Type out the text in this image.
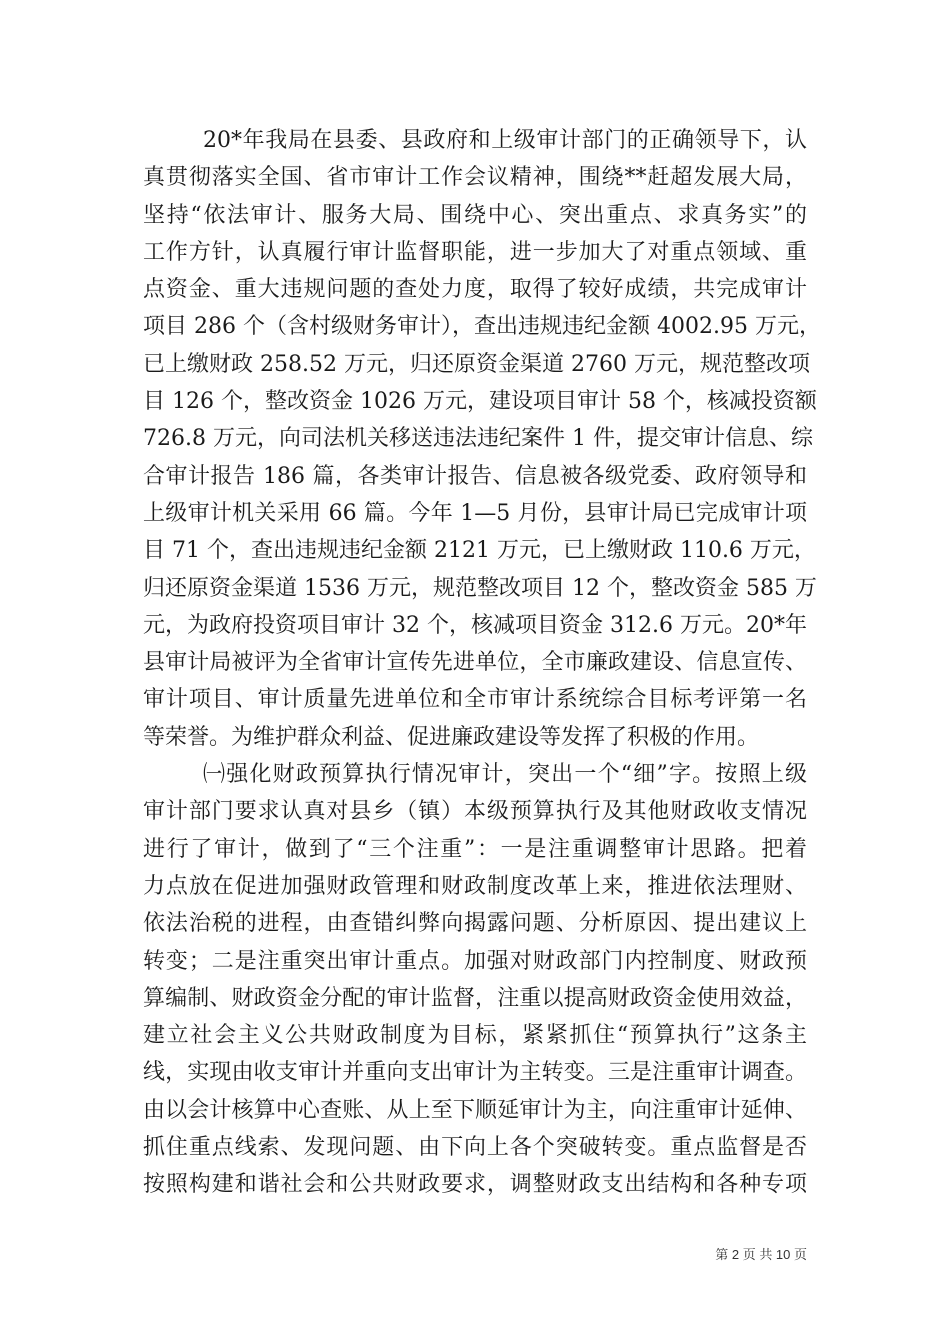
20*年我局在县委、县政府和上级审计部门的正确领导下，认
真贯彻落实全国、省市审计工作会议精神，围绕**赶超发展大局，
坚持“依法审计、服务大局、围绕中心、突出重点、求真务实”的
工作方针，认真履行审计监督职能，进一步加大了对重点领域、重
点资金、重大违规问题的查处力度，取得了较好成绩，共完成审计
项目 286 个（含村级财务审计），查出违规违纪金额 4002.95 万元，
已上缴财政 258.52 万元，归还原资金渠道 2760 万元，规范整改项
目 126 个，整改资金 1026 万元，建设项目审计 58 个，核减投资额
726.8 万元，向司法机关移送违法违纪案件 1 件，提交审计信息、综
合审计报告 186 篇，各类审计报告、信息被各级党委、政府领导和
上级审计机关采用 66 篇。今年 1—5 月份，县审计局已完成审计项
目 71 个，查出违规违纪金额 2121 万元，已上缴财政 110.6 万元，
归还原资金渠道 1536 万元，规范整改项目 12 个，整改资金 585 万
元，为政府投资项目审计 32 个，核减项目资金 312.6 万元。20*年
县审计局被评为全省审计宣传先进单位，全市廉政建设、信息宣传、
审计项目、审计质量先进单位和全市审计系统综合目标考评第一名
等荣誉。为维护群众利益、促进廉政建设等发挥了积极的作用。
㈠强化财政预算执行情况审计，突出一个“细”字。按照上级
审计部门要求认真对县乡（镇）本级预算执行及其他财政收支情况
进行了审计，做到了“三个注重”：一是注重调整审计思路。把着
力点放在促进加强财政管理和财政制度改革上来，推进依法理财、
依法治税的进程，由查错纠弊向揭露问题、分析原因、提出建议上
转变；二是注重突出审计重点。加强对财政部门内控制度、财政预
算编制、财政资金分配的审计监督，注重以提高财政资金使用效益，
建立社会主义公共财政制度为目标，紧紧抓住“预算执行”这条主
线，实现由收支审计并重向支出审计为主转变。三是注重审计调查。
由以会计核算中心查账、从上至下顺延审计为主，向注重审计延伸、
抓住重点线索、发现问题、由下向上各个突破转变。重点监督是否
按照构建和谐社会和公共财政要求，调整财政支出结构和各种专项
第 2 页 共 10 页
